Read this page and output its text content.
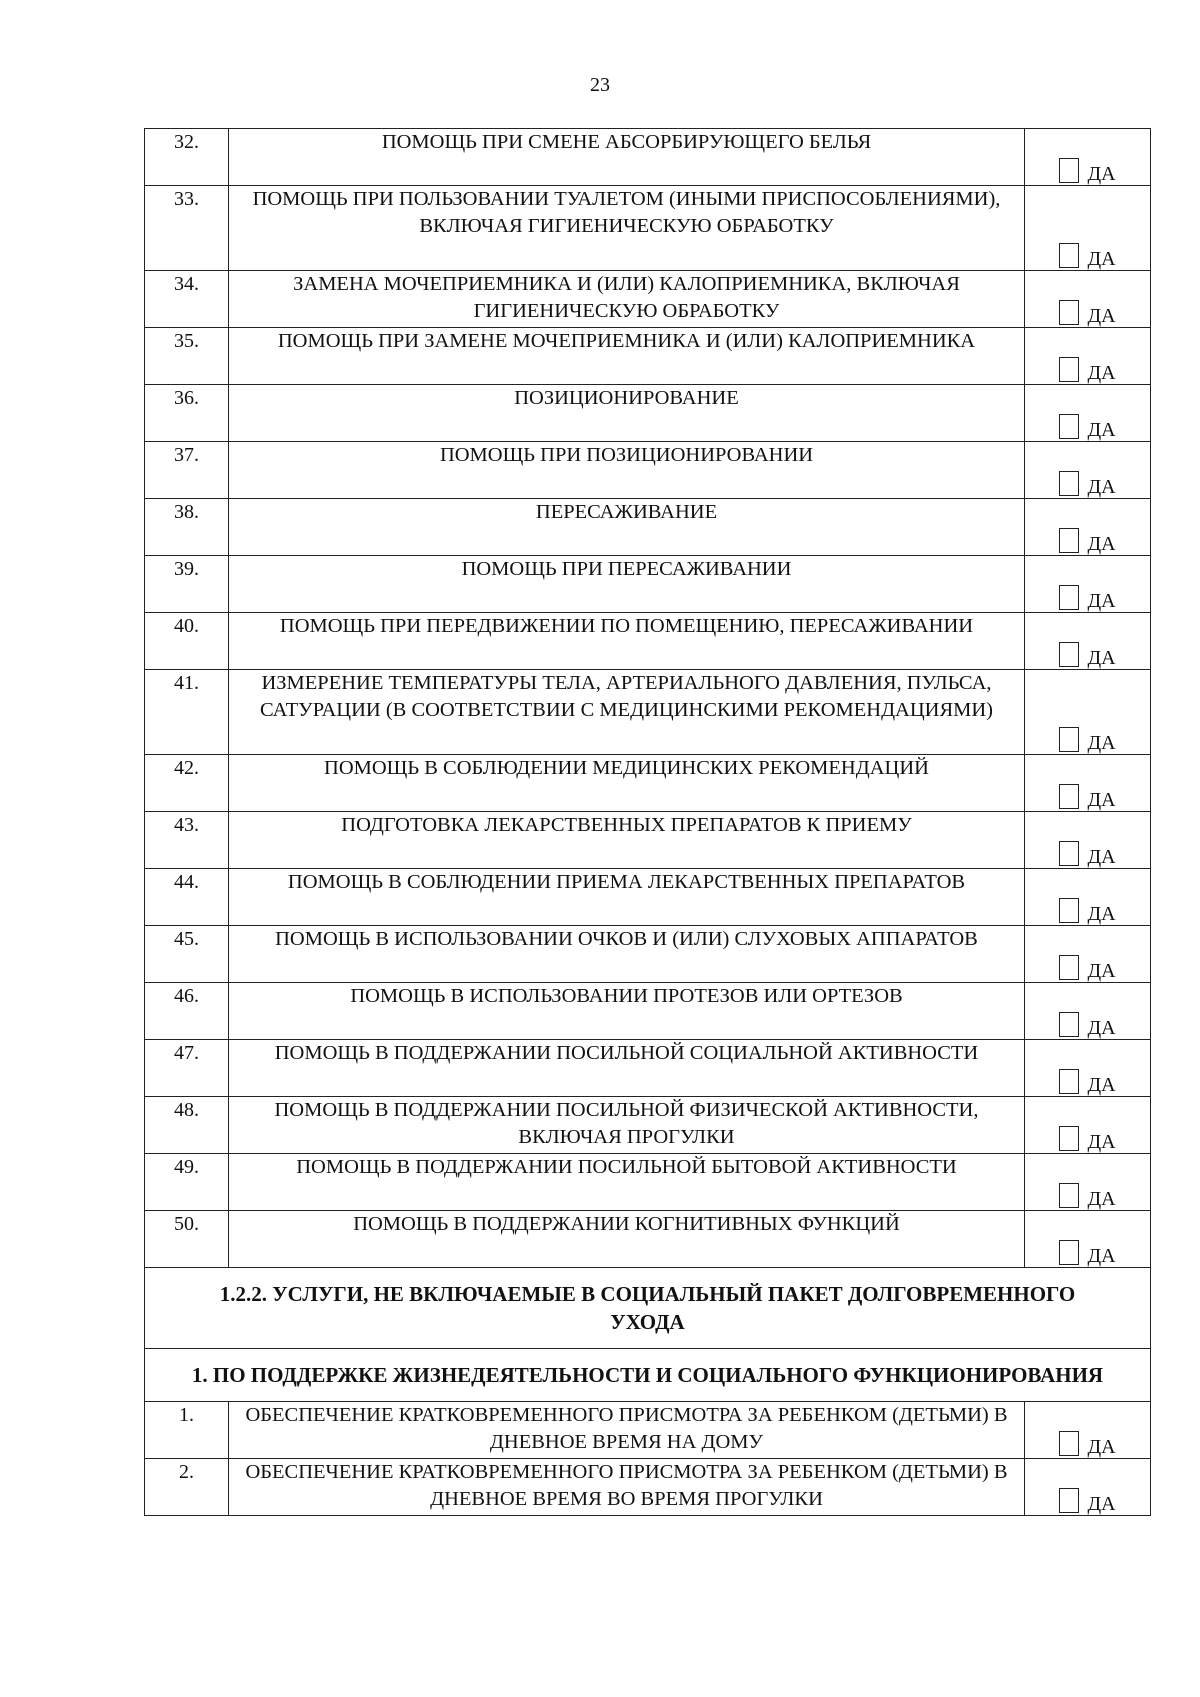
23
32.	ПОМОЩЬ ПРИ СМЕНЕ АБСОРБИРУЮЩЕГО БЕЛЬЯ	ДА

33.	ПОМОЩЬ ПРИ ПОЛЬЗОВАНИИ ТУАЛЕТОМ (ИНЫМИ ПРИСПОСОБЛЕНИЯМИ), ВКЛЮЧАЯ ГИГИЕНИЧЕСКУЮ ОБРАБОТКУ	ДА

34.	ЗАМЕНА МОЧЕПРИЕМНИКА И (ИЛИ) КАЛОПРИЕМНИКА, ВКЛЮЧАЯ ГИГИЕНИЧЕСКУЮ ОБРАБОТКУ	ДА

35.	ПОМОЩЬ ПРИ ЗАМЕНЕ МОЧЕПРИЕМНИКА И (ИЛИ) КАЛОПРИЕМНИКА	ДА

36.	ПОЗИЦИОНИРОВАНИЕ	ДА

37.	ПОМОЩЬ ПРИ ПОЗИЦИОНИРОВАНИИ	ДА

38.	ПЕРЕСАЖИВАНИЕ	ДА

39.	ПОМОЩЬ ПРИ ПЕРЕСАЖИВАНИИ	ДА

40.	ПОМОЩЬ ПРИ ПЕРЕДВИЖЕНИИ ПО ПОМЕЩЕНИЮ, ПЕРЕСАЖИВАНИИ	ДА

41.	ИЗМЕРЕНИЕ ТЕМПЕРАТУРЫ ТЕЛА, АРТЕРИАЛЬНОГО ДАВЛЕНИЯ, ПУЛЬСА, САТУРАЦИИ (В СООТВЕТСТВИИ С МЕДИЦИНСКИМИ РЕКОМЕНДАЦИЯМИ)	ДА

42.	ПОМОЩЬ В СОБЛЮДЕНИИ МЕДИЦИНСКИХ РЕКОМЕНДАЦИЙ	ДА

43.	ПОДГОТОВКА ЛЕКАРСТВЕННЫХ ПРЕПАРАТОВ К ПРИЕМУ	ДА

44.	ПОМОЩЬ В СОБЛЮДЕНИИ ПРИЕМА ЛЕКАРСТВЕННЫХ ПРЕПАРАТОВ	ДА

45.	ПОМОЩЬ В ИСПОЛЬЗОВАНИИ ОЧКОВ И (ИЛИ) СЛУХОВЫХ АППАРАТОВ	ДА

46.	ПОМОЩЬ В ИСПОЛЬЗОВАНИИ ПРОТЕЗОВ ИЛИ ОРТЕЗОВ	ДА

47.	ПОМОЩЬ В ПОДДЕРЖАНИИ ПОСИЛЬНОЙ СОЦИАЛЬНОЙ АКТИВНОСТИ	ДА

48.	ПОМОЩЬ В ПОДДЕРЖАНИИ ПОСИЛЬНОЙ ФИЗИЧЕСКОЙ АКТИВНОСТИ, ВКЛЮЧАЯ ПРОГУЛКИ	ДА

49.	ПОМОЩЬ В ПОДДЕРЖАНИИ ПОСИЛЬНОЙ БЫТОВОЙ АКТИВНОСТИ	ДА

50.	ПОМОЩЬ В ПОДДЕРЖАНИИ КОГНИТИВНЫХ ФУНКЦИЙ	ДА

1.2.2. УСЛУГИ, НЕ ВКЛЮЧАЕМЫЕ В СОЦИАЛЬНЫЙ ПАКЕТ ДОЛГОВРЕМЕННОГО УХОДА		
1. ПО ПОДДЕРЖКЕ ЖИЗНЕДЕЯТЕЛЬНОСТИ И СОЦИАЛЬНОГО ФУНКЦИОНИРОВАНИЯ		
1.	ОБЕСПЕЧЕНИЕ КРАТКОВРЕМЕННОГО ПРИСМОТРА ЗА РЕБЕНКОМ (ДЕТЬМИ) В ДНЕВНОЕ ВРЕМЯ НА ДОМУ	ДА

2.	ОБЕСПЕЧЕНИЕ КРАТКОВРЕМЕННОГО ПРИСМОТРА ЗА РЕБЕНКОМ (ДЕТЬМИ) В ДНЕВНОЕ ВРЕМЯ ВО ВРЕМЯ ПРОГУЛКИ	ДА
